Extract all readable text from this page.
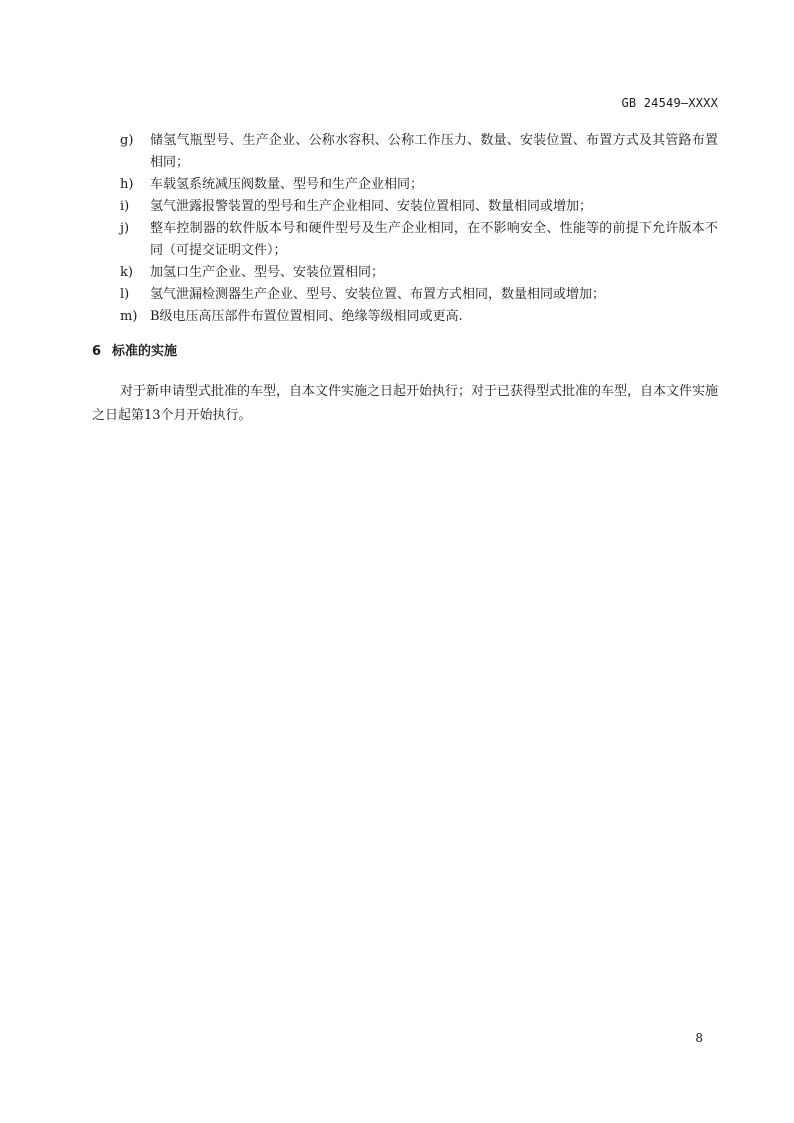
GB 24549—XXXX
g)	储氢气瓶型号、生产企业、公称水容积、公称工作压力、数量、安装位置、布置方式及其管路布置相同；
h)	车载氢系统减压阀数量、型号和生产企业相同；
i)	氢气泄露报警装置的型号和生产企业相同、安装位置相同、数量相同或增加；
j)	整车控制器的软件版本号和硬件型号及生产企业相同，在不影响安全、性能等的前提下允许版本不同（可提交证明文件）；
k)	加氢口生产企业、型号、安装位置相同；
l)	氢气泄漏检测器生产企业、型号、安装位置、布置方式相同，数量相同或增加；
m) B级电压高压部件布置位置相同、绝缘等级相同或更高.
6 标准的实施

对于新申请型式批准的车型，自本文件实施之日起开始执行；对于已获得型式批准的车型，自本文件实施之日起第13个月开始执行。

8
